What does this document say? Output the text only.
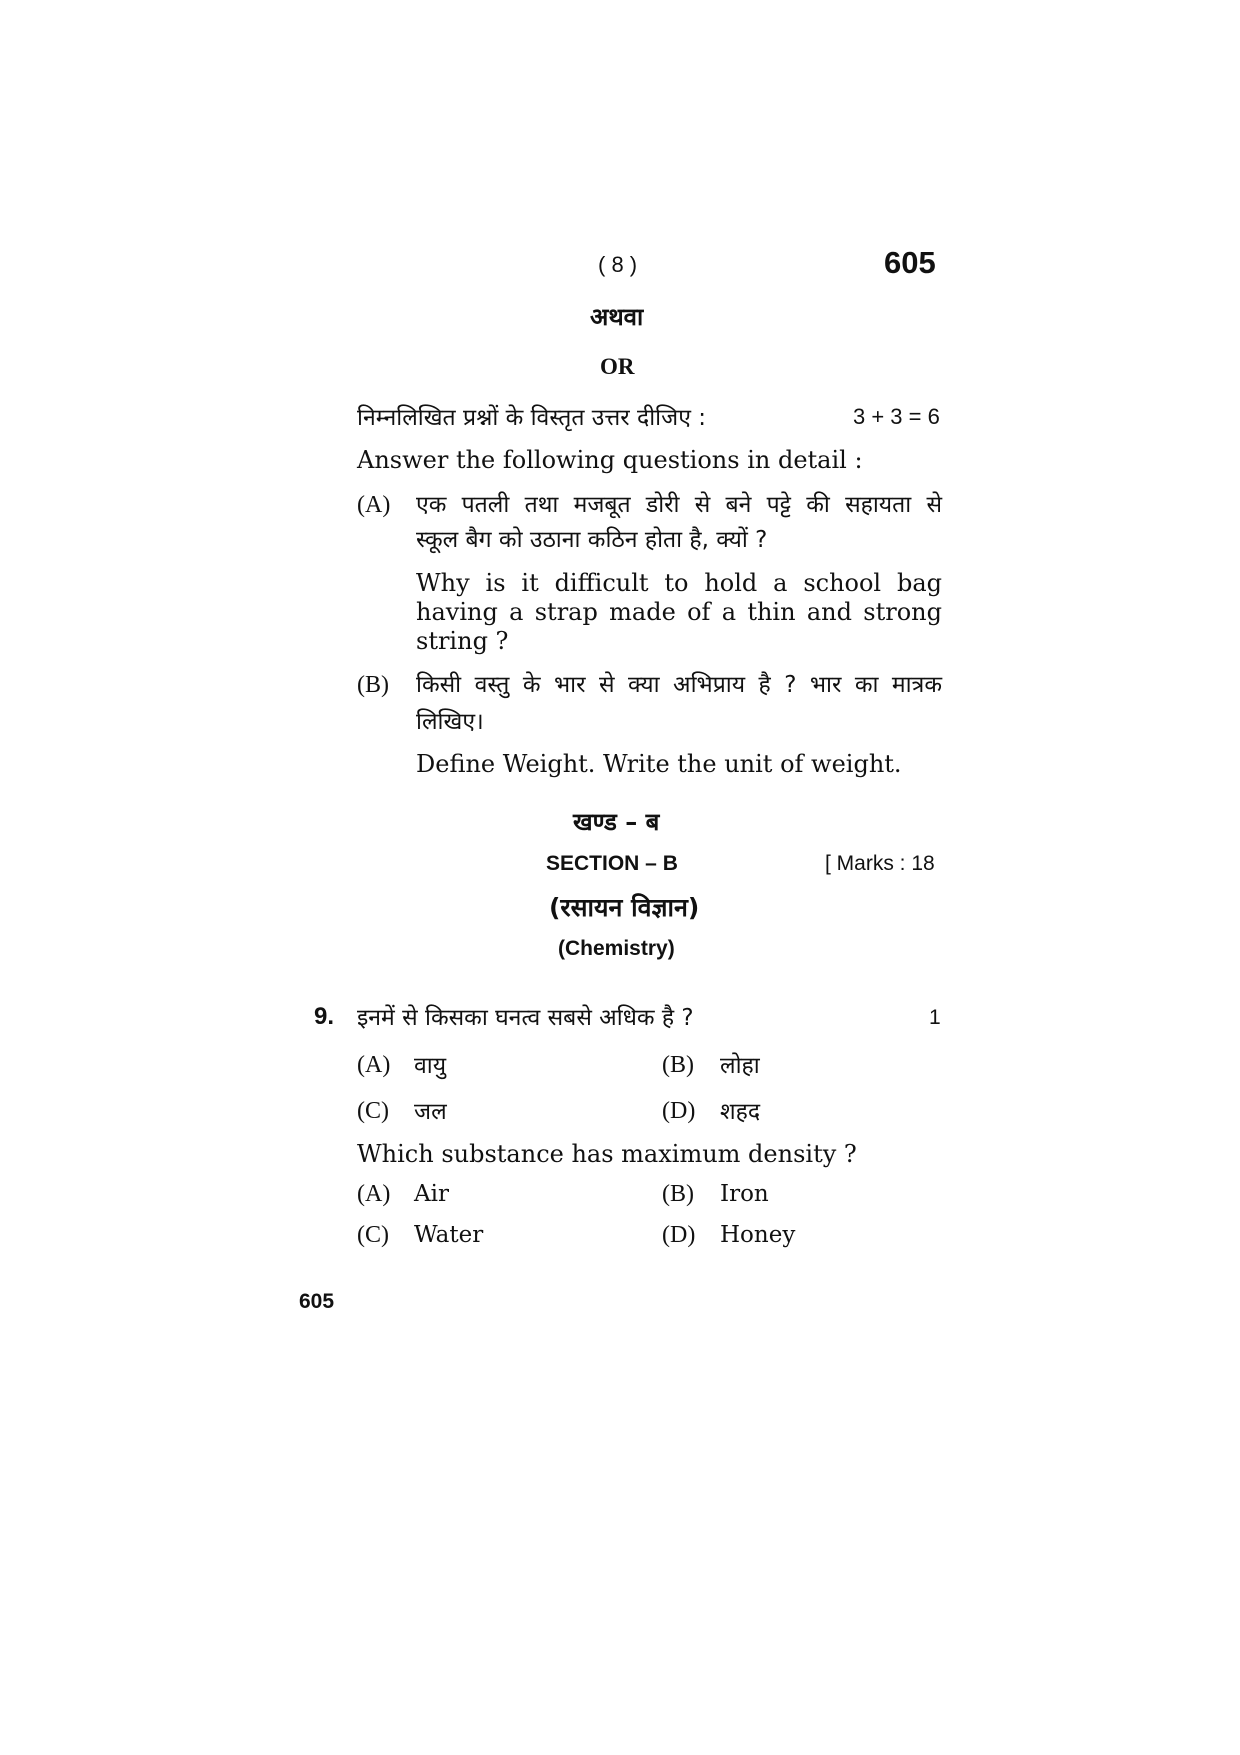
( 8 )	605
अथवा
OR
निम्नलिखित प्रश्नों के विस्तृत उत्तर दीजिए :	3 + 3 = 6
Answer the following questions in detail :
(A) एक पतली तथा मजबूत डोरी से बने पट्टे की सहायता से
स्कूल बैग को उठाना कठिन होता है, क्यों ?
Why is it difficult to hold a school bag
having a strap made of a thin and strong
string ?
(B) किसी वस्तु के भार से क्या अभिप्राय है ? भार का मात्रक
लिखिए।
Define Weight. Write the unit of weight.
खण्ड – ब
SECTION – B	[ Marks : 18
(रसायन विज्ञान)
(Chemistry)
9. इनमें से किसका घनत्व सबसे अधिक है ?	1
(A) वायु	(B) लोहा
(C) जल	(D) शहद
Which substance has maximum density ?
(A) Air	(B) Iron
(C) Water	(D) Honey
605
